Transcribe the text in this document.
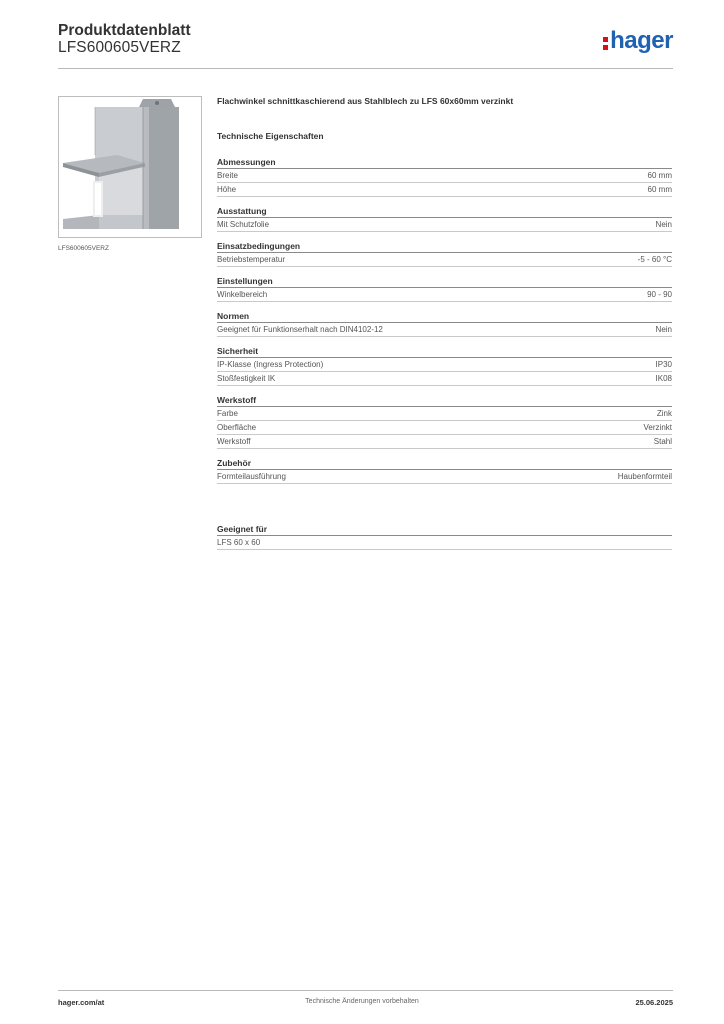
Produktdatenblatt
LFS600605VERZ	hager
LFS600605VERZ
Flachwinkel schnittkaschierend aus Stahlblech zu LFS 60x60mm verzinkt
Technische Eigenschaften
Abmessungen
Breite	60 mm
Höhe	60 mm
Ausstattung
Mit Schutzfolie	Nein
Einsatzbedingungen
Betriebstemperatur	-5 - 60 °C
Einstellungen
Winkelbereich	90 - 90
Normen
Geeignet für Funktionserhalt nach DIN4102-12	Nein
Sicherheit
IP-Klasse (Ingress Protection)	IP30
Stoßfestigkeit IK	IK08
Werkstoff
Farbe	Zink
Oberfläche	Verzinkt
Werkstoff	Stahl
Zubehör
Formteilausführung	Haubenformteil
Geeignet für
LFS 60 x 60
hager.com/at	Technische Änderungen vorbehalten	25.06.2025
